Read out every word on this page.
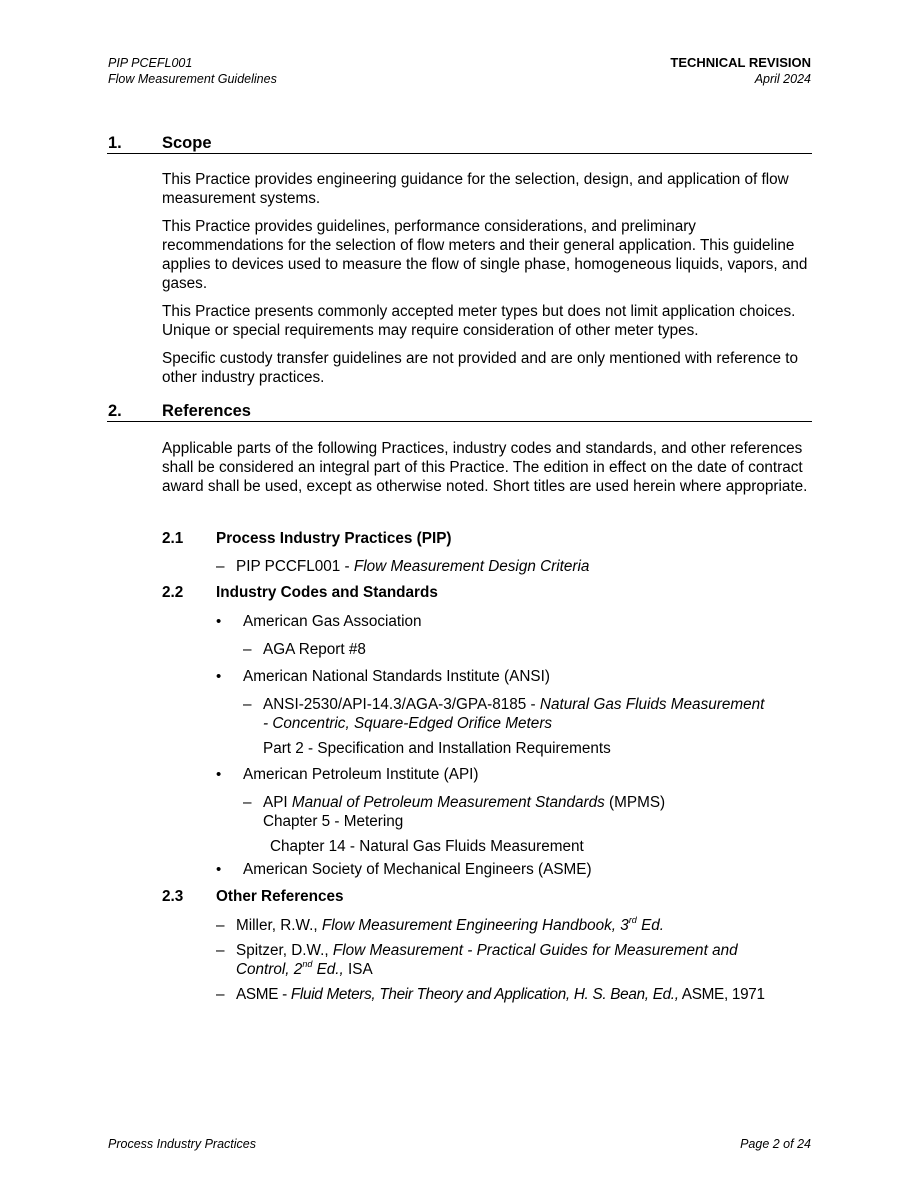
PIP PCEFL001
Flow Measurement Guidelines
TECHNICAL REVISION
April 2024
1. Scope
This Practice provides engineering guidance for the selection, design, and application of flow measurement systems.
This Practice provides guidelines, performance considerations, and preliminary recommendations for the selection of flow meters and their general application. This guideline applies to devices used to measure the flow of single phase, homogeneous liquids, vapors, and gases.
This Practice presents commonly accepted meter types but does not limit application choices. Unique or special requirements may require consideration of other meter types.
Specific custody transfer guidelines are not provided and are only mentioned with reference to other industry practices.
2. References
Applicable parts of the following Practices, industry codes and standards, and other references shall be considered an integral part of this Practice. The edition in effect on the date of contract award shall be used, except as otherwise noted. Short titles are used herein where appropriate.
2.1 Process Industry Practices (PIP)
– PIP PCCFL001 - Flow Measurement Design Criteria
2.2 Industry Codes and Standards
• American Gas Association
– AGA Report #8
• American National Standards Institute (ANSI)
– ANSI-2530/API-14.3/AGA-3/GPA-8185 - Natural Gas Fluids Measurement
- Concentric, Square-Edged Orifice Meters
Part 2 - Specification and Installation Requirements
• American Petroleum Institute (API)
– API Manual of Petroleum Measurement Standards (MPMS)
Chapter 5 - Metering
Chapter 14 - Natural Gas Fluids Measurement
• American Society of Mechanical Engineers (ASME)
2.3 Other References
– Miller, R.W., Flow Measurement Engineering Handbook, 3rd Ed.
– Spitzer, D.W., Flow Measurement - Practical Guides for Measurement and
Control, 2nd Ed., ISA
– ASME - Fluid Meters, Their Theory and Application, H. S. Bean, Ed., ASME, 1971
Process Industry Practices	Page 2 of 24
